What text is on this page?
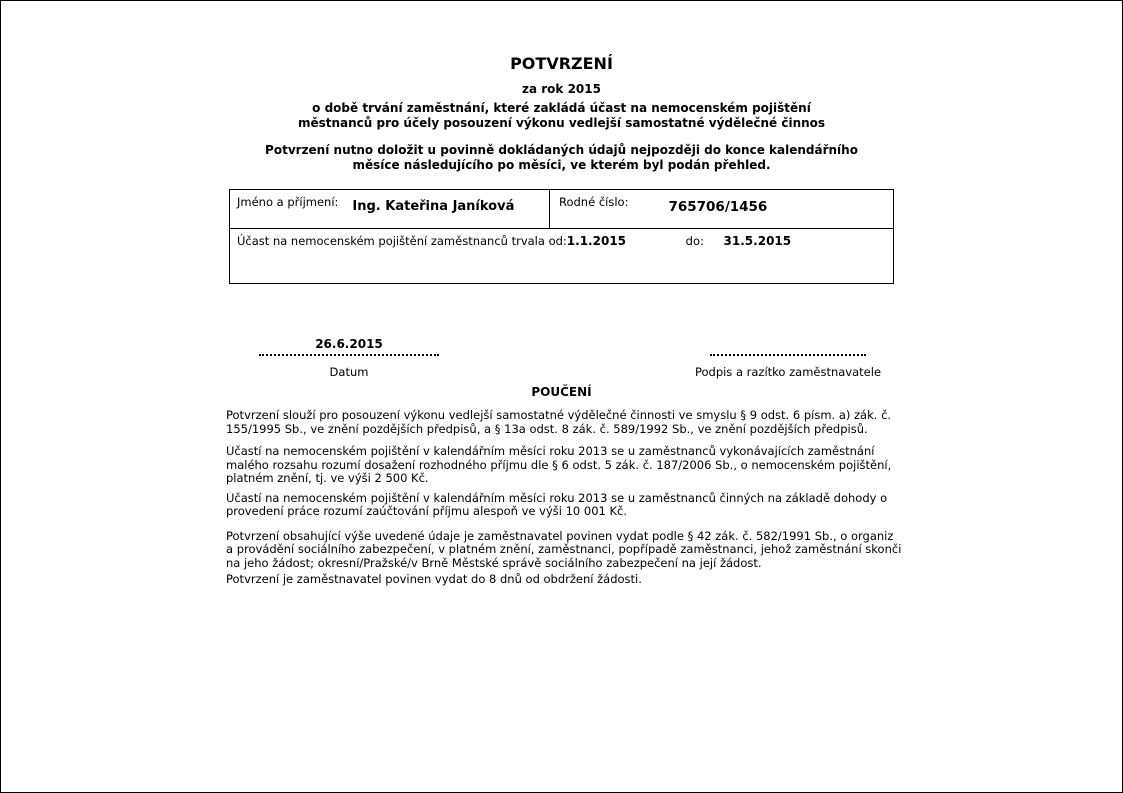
POTVRZENÍ
za rok 2015
o době trvání zaměstnání, které zakládá účast na nemocenském pojištění
městnanců pro účely posouzení výkonu vedlejší samostatné výdělečné činnos
Potvrzení nutno doložit u povinně dokládaných údajů nejpozději do konce kalendářního
měsíce následujícího po měsíci, ve kterém byl podán přehled.
Jméno a příjmení: Ing. Kateřina Janíková	Rodné číslo:	765706/1456
Účast na nemocenském pojištění zaměstnanců trvala od:1.1.2015	do: 31.5.2015
26.6.2015
Datum	Podpis a razítko zaměstnavatele
POUČENÍ
Potvrzení slouží pro posouzení výkonu vedlejší samostatné výdělečné činnosti ve smyslu § 9 odst. 6 písm. a) zák. č.
155/1995 Sb., ve znění pozdějších předpisů, a § 13a odst. 8 zák. č. 589/1992 Sb., ve znění pozdějších předpisů.
Účastí na nemocenském pojištění v kalendářním měsíci roku 2013 se u zaměstnanců vykonávajících zaměstnání
malého rozsahu rozumí dosažení rozhodného příjmu dle § 6 odst. 5 zák. č. 187/2006 Sb., o nemocenském pojištění,
platném znění, tj. ve výši 2 500 Kč.
Účastí na nemocenském pojištění v kalendářním měsíci roku 2013 se u zaměstnanců činných na základě dohody o
provedení práce rozumí zaúčtování příjmu alespoň ve výši 10 001 Kč.
Potvrzení obsahující výše uvedené údaje je zaměstnavatel povinen vydat podle § 42 zák. č. 582/1991 Sb., o organiz
a provádění sociálního zabezpečení, v platném znění, zaměstnanci, popřípadě zaměstnanci, jehož zaměstnání skonči
na jeho žádost; okresní/Pražské/v Brně Městské správě sociálního zabezpečení na její žádost.
Potvrzení je zaměstnavatel povinen vydat do 8 dnů od obdržení žádosti.
